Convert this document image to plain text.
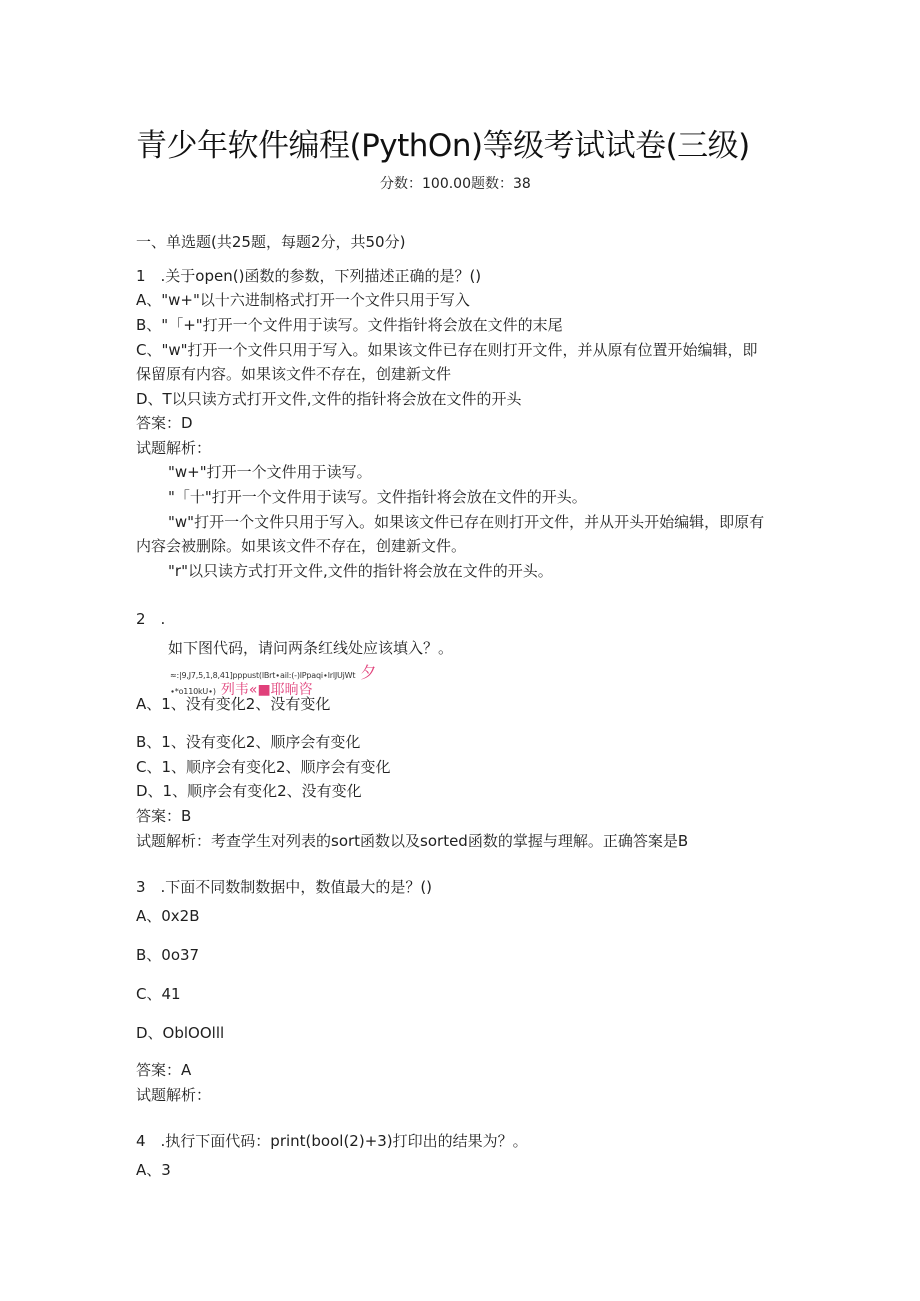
青少年软件编程(PythOn)等级考试试卷(三级)
分数：100.00题数：38
一、单选题(共25题，每题2分，共50分)
1　.关于open()函数的参数，下列描述正确的是？()
A、"w+"以十六进制格式打开一个文件只用于写入
B、"「+"打开一个文件用于读写。文件指针将会放在文件的末尾
C、"w"打开一个文件只用于写入。如果该文件已存在则打开文件，并从原有位置开始编辑，即
保留原有内容。如果该文件不存在，创建新文件
D、T以只读方式打开文件,文件的指针将会放在文件的开头
答案：D
试题解析：
"w+"打开一个文件用于读写。
"「十"打开一个文件用于读写。文件指针将会放在文件的开头。
"w"打开一个文件只用于写入。如果该文件已存在则打开文件，并从开头开始编辑，即原有
内容会被删除。如果该文件不存在，创建新文件。
"r"以只读方式打开文件,文件的指针将会放在文件的开头。
2　.
如下图代码，请问两条红线处应该填入？。
≈:|9,J7,5,1,8,41]pppust(lBrt∙ail:(-)lPpaqi∙lrlJUjWt 夕
∙*o110kU∙) 列韦«■耶晌咨
A、1、没有变化2、没有变化
B、1、没有变化2、顺序会有变化
C、1、顺序会有变化2、顺序会有变化
D、1、顺序会有变化2、没有变化
答案：B
试题解析：考查学生对列表的sort函数以及sorted函数的掌握与理解。正确答案是B
3　.下面不同数制数据中，数值最大的是？()
A、0x2B
B、0o37
C、41
D、OblOOlll
答案：A
试题解析：
4　.执行下面代码：print(bool(2)+3)打印出的结果为？。
A、3
